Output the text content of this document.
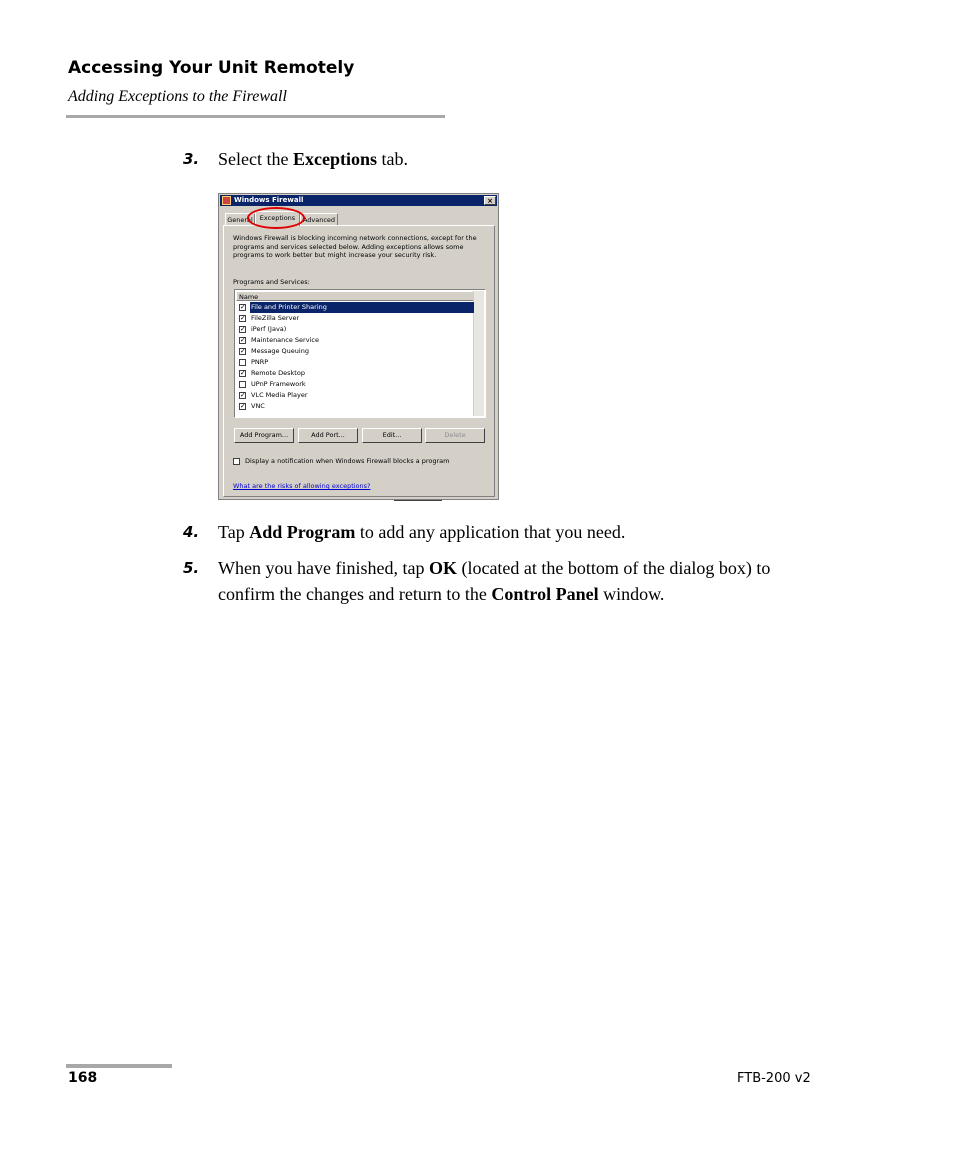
Accessing Your Unit Remotely
Adding Exceptions to the Firewall
3. Select the Exceptions tab.
Windows Firewall	×
General	Exceptions	Advanced
Windows Firewall is blocking incoming network connections, except for the programs and services selected below. Adding exceptions allows some programs to work better but might increase your security risk.
Programs and Services:
Name
✓ File and Printer Sharing
✓ FileZilla Server
✓ iPerf (Java)
✓ Maintenance Service
✓ Message Queuing
PNRP
✓ Remote Desktop
UPnP Framework
✓ VLC Media Player
✓ VNC
Add Program...	Add Port...	Edit...	Delete
Display a notification when Windows Firewall blocks a program
What are the risks of allowing exceptions?
4. Tap Add Program to add any application that you need.
5. When you have finished, tap OK (located at the bottom of the dialog box) to confirm the changes and return to the Control Panel window.
168	FTB-200 v2
